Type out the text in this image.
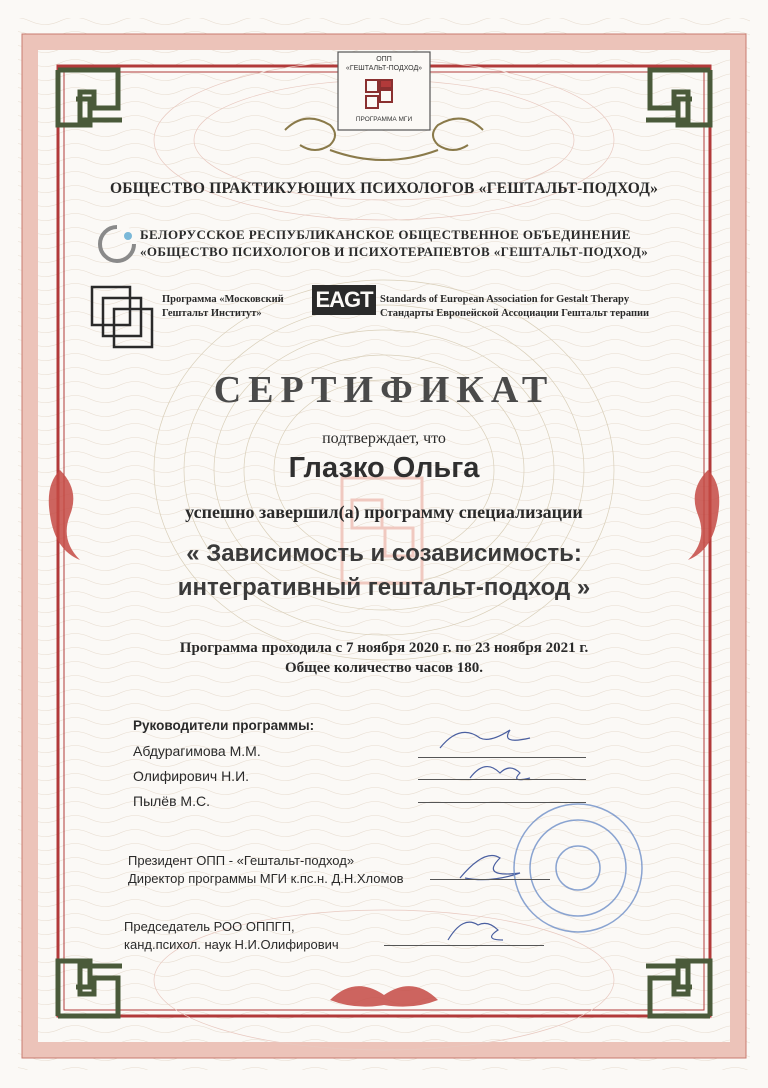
ОПП
«ГЕШТАЛЬТ-ПОДХОД»
ПРОГРАММА МГИ
ОБЩЕСТВО ПРАКТИКУЮЩИХ ПСИХОЛОГОВ «ГЕШТАЛЬТ-ПОДХОД»
БЕЛОРУССКОЕ РЕСПУБЛИКАНСКОЕ ОБЩЕСТВЕННОЕ ОБЪЕДИНЕНИЕ
«ОБЩЕСТВО ПСИХОЛОГОВ И ПСИХОТЕРАПЕВТОВ «ГЕШТАЛЬТ-ПОДХОД»
Программа «Московский
Гештальт Институт»
EAGT Standards of European Association for Gestalt Therapy
Стандарты Европейской Ассоциации Гештальт терапии
СЕРТИФИКАТ
подтверждает, что
Глазко Ольга
успешно завершил(а) программу специализации
« Зависимость и созависимость:
интегративный гештальт-подход »
Программа проходила с 7 ноября 2020 г. по 23 ноября 2021 г.
Общее количество часов 180.
Руководители программы:
Абдурагимова М.М.
Олифирович Н.И.
Пылёв М.С.
Президент ОПП - «Гештальт-подход»
Директор программы МГИ к.пс.н. Д.Н.Хломов
Председатель РОО ОППГП,
канд.психол. наук Н.И.Олифирович
